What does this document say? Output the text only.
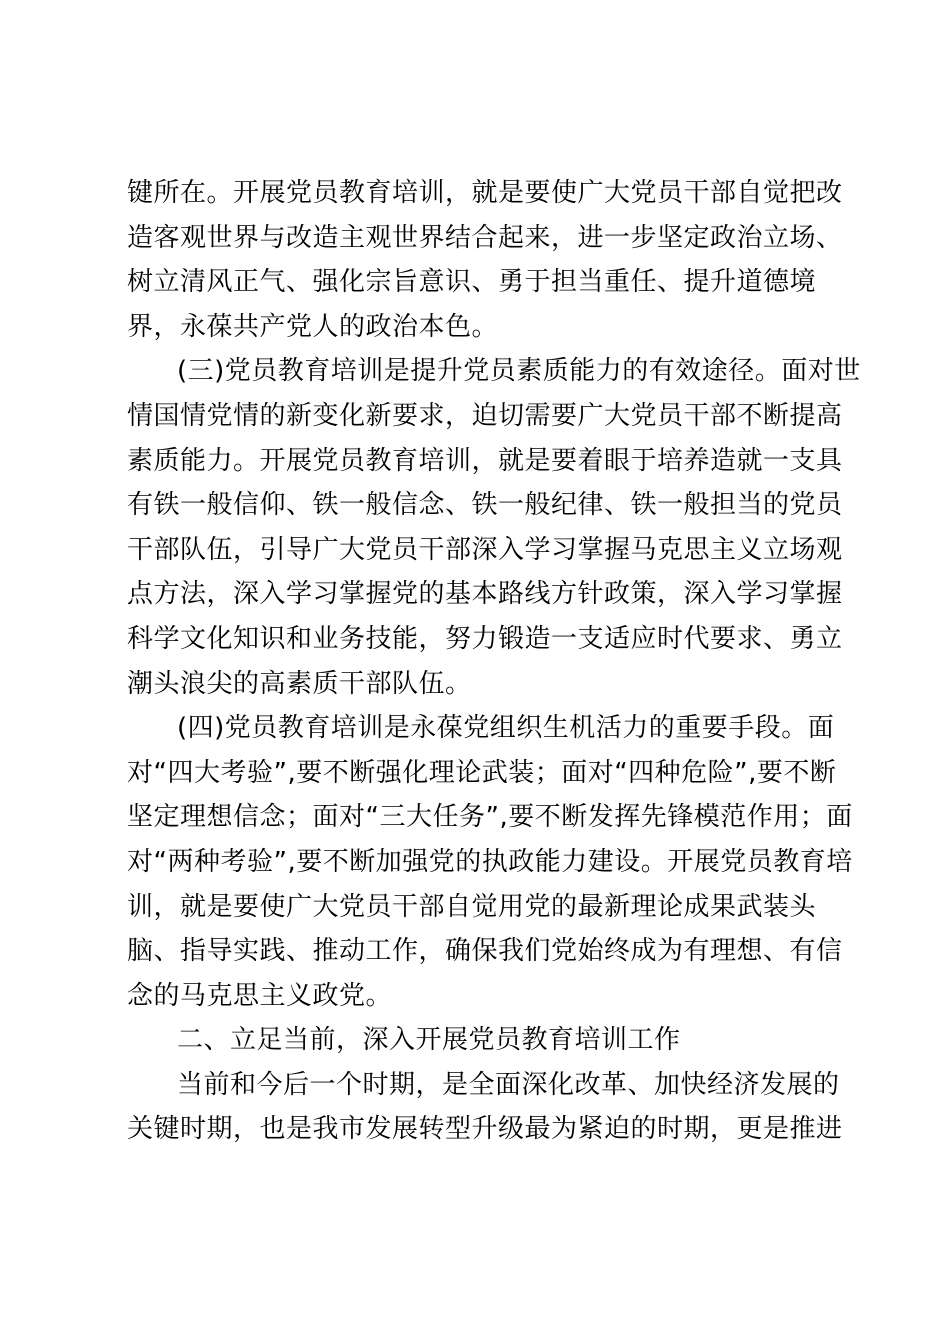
键所在。开展党员教育培训，就是要使广大党员干部自觉把改
造客观世界与改造主观世界结合起来，进一步坚定政治立场、
树立清风正气、强化宗旨意识、勇于担当重任、提升道德境
界，永葆共产党人的政治本色。
(三)党员教育培训是提升党员素质能力的有效途径。面对世
情国情党情的新变化新要求，迫切需要广大党员干部不断提高
素质能力。开展党员教育培训，就是要着眼于培养造就一支具
有铁一般信仰、铁一般信念、铁一般纪律、铁一般担当的党员
干部队伍，引导广大党员干部深入学习掌握马克思主义立场观
点方法，深入学习掌握党的基本路线方针政策，深入学习掌握
科学文化知识和业务技能，努力锻造一支适应时代要求、勇立
潮头浪尖的高素质干部队伍。
(四)党员教育培训是永葆党组织生机活力的重要手段。面
对“四大考验”,要不断强化理论武装；面对“四种危险”,要不断
坚定理想信念；面对“三大任务”,要不断发挥先锋模范作用；面
对“两种考验”,要不断加强党的执政能力建设。开展党员教育培
训，就是要使广大党员干部自觉用党的最新理论成果武装头
脑、指导实践、推动工作，确保我们党始终成为有理想、有信
念的马克思主义政党。
二、立足当前，深入开展党员教育培训工作
当前和今后一个时期，是全面深化改革、加快经济发展的
关键时期，也是我市发展转型升级最为紧迫的时期，更是推进
